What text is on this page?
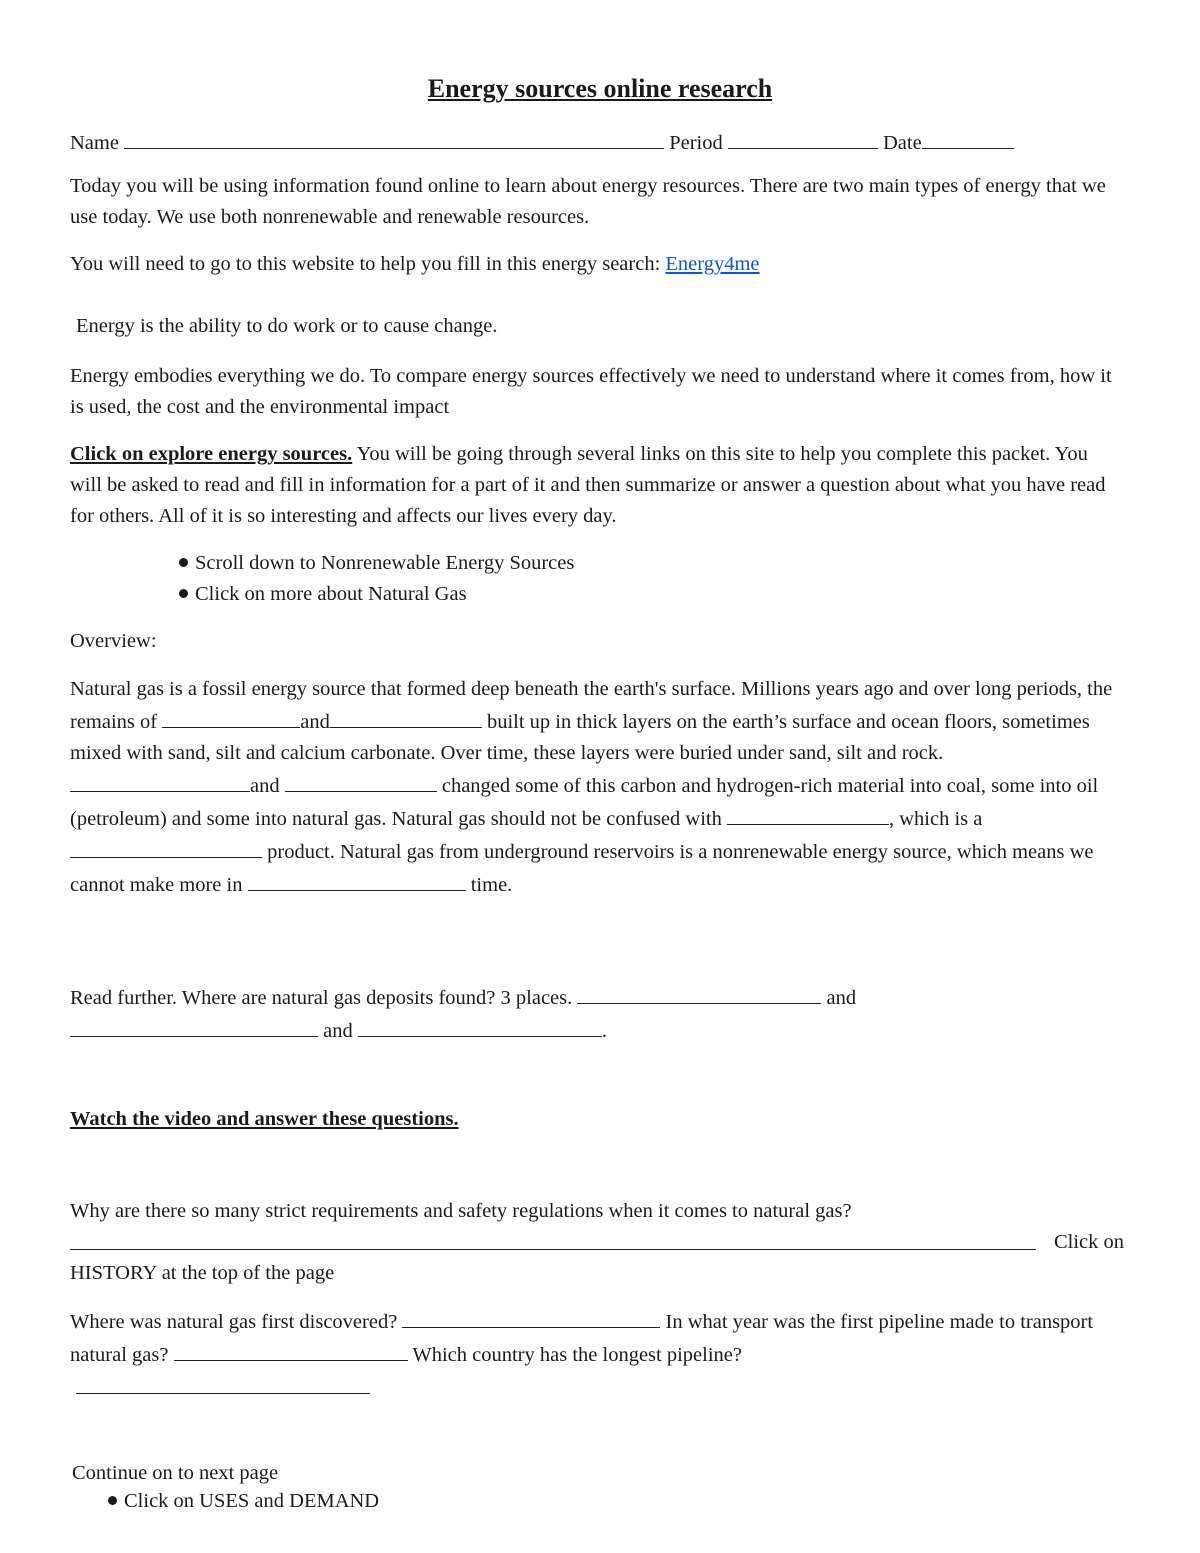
Energy sources online research
Name	Period	Date
Today you will be using information found online to learn about energy resources. There are two main types of energy that we use today. We use both nonrenewable and renewable resources.
You will need to go to this website to help you fill in this energy search: Energy4me
Energy is the ability to do work or to cause change.
Energy embodies everything we do. To compare energy sources effectively we need to understand where it comes from, how it is used, the cost and the environmental impact
Click on explore energy sources. You will be going through several links on this site to help you complete this packet. You will be asked to read and fill in information for a part of it and then summarize or answer a question about what you have read for others. All of it is so interesting and affects our lives every day.
Scroll down to Nonrenewable Energy Sources
Click on more about Natural Gas
Overview:
Natural gas is a fossil energy source that formed deep beneath the earth's surface. Millions years ago and over long periods, the remains of	and	built up in thick layers on the earth’s surface and ocean floors, sometimes mixed with sand, silt and calcium carbonate. Over time, these layers were buried under sand, silt and rock. and	changed some of this carbon and hydrogen-rich material into coal, some into oil (petroleum) and some into natural gas. Natural gas should not be confused with	, which is a  product. Natural gas from underground reservoirs is a nonrenewable energy source, which means we cannot make more in	time.
Read further. Where are natural gas deposits found? 3 places.	and
and	.
Watch the video and answer these questions.
Why are there so many strict requirements and safety regulations when it comes to natural gas?
Click on
HISTORY at the top of the page
Where was natural gas first discovered?	In what year was the first pipeline made to transport natural gas?	Which country has the longest pipeline?

Continue on to next page
Click on USES and DEMAND
